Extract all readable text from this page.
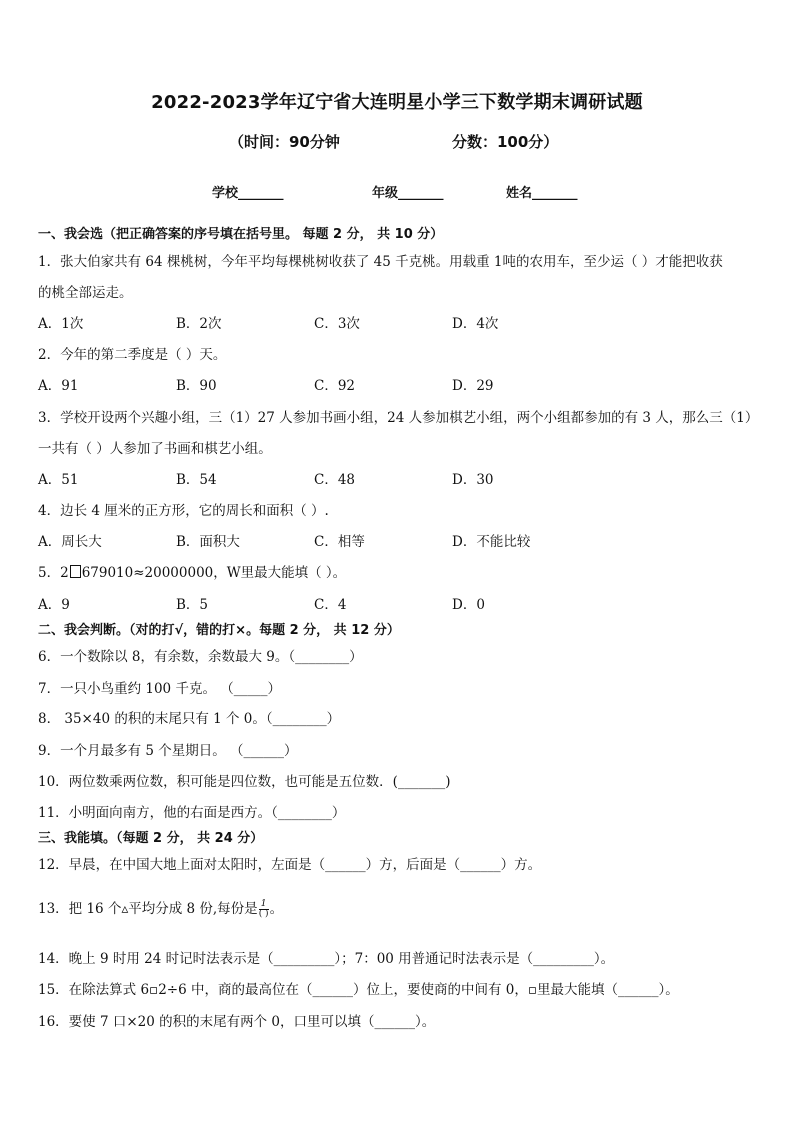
2022-2023学年辽宁省大连明星小学三下数学期末调研试题
（时间：90分钟	分数：100分）
学校_______	年级_______	姓名_______
一、我会选（把正确答案的序号填在括号里。 每题 2 分， 共 10 分）
1．张大伯家共有 64 棵桃树，今年平均每棵桃树收获了 45 千克桃。用载重 1吨的农用车，至少运（ ）才能把收获
的桃全部运走。
A．1次	B．2次	C．3次	D．4次
2．今年的第二季度是（ ）天。
A．91	B．90	C．92	D．29
3．学校开设两个兴趣小组，三（1）27 人参加书画小组，24 人参加棋艺小组，两个小组都参加的有 3 人，那么三（1）
一共有（ ）人参加了书画和棋艺小组。
A．51	B．54	C．48	D．30
4．边长 4 厘米的正方形，它的周长和面积（ ）.
A．周长大	B．面积大	C．相等	D．不能比较
5．2 679010≈20000000，W里最大能填（ ）。
A．9	B．5	C．4	D．0
二、我会判断。（对的打√，错的打×。每题 2 分， 共 12 分）
6．一个数除以 8，有余数，余数最大 9。（________）
7．一只小鸟重约 100 千克。 （_____）
8． 35×40 的积的末尾只有 1 个 0。（________）
9．一个月最多有 5 个星期日。 （______）
10．两位数乘两位数，积可能是四位数，也可能是五位数．(_______)
11．小明面向南方，他的右面是西方。（________）
三、我能填。（每题 2 分， 共 24 分）
12．早晨，在中国大地上面对太阳时，左面是（______）方，后面是（______）方。
13．把 16 个▵平均分成 8 份,每份是 $\frac{1}{( )}$ 。
14．晚上 9 时用 24 时记时法表示是（_________）；7：00 用普通记时法表示是（_________）。
15．在除法算式 6▫2÷6 中，商的最高位在（______）位上，要使商的中间有 0，▫里最大能填（______）。
16．要使 7 口×20 的积的末尾有两个 0，口里可以填（______）。
